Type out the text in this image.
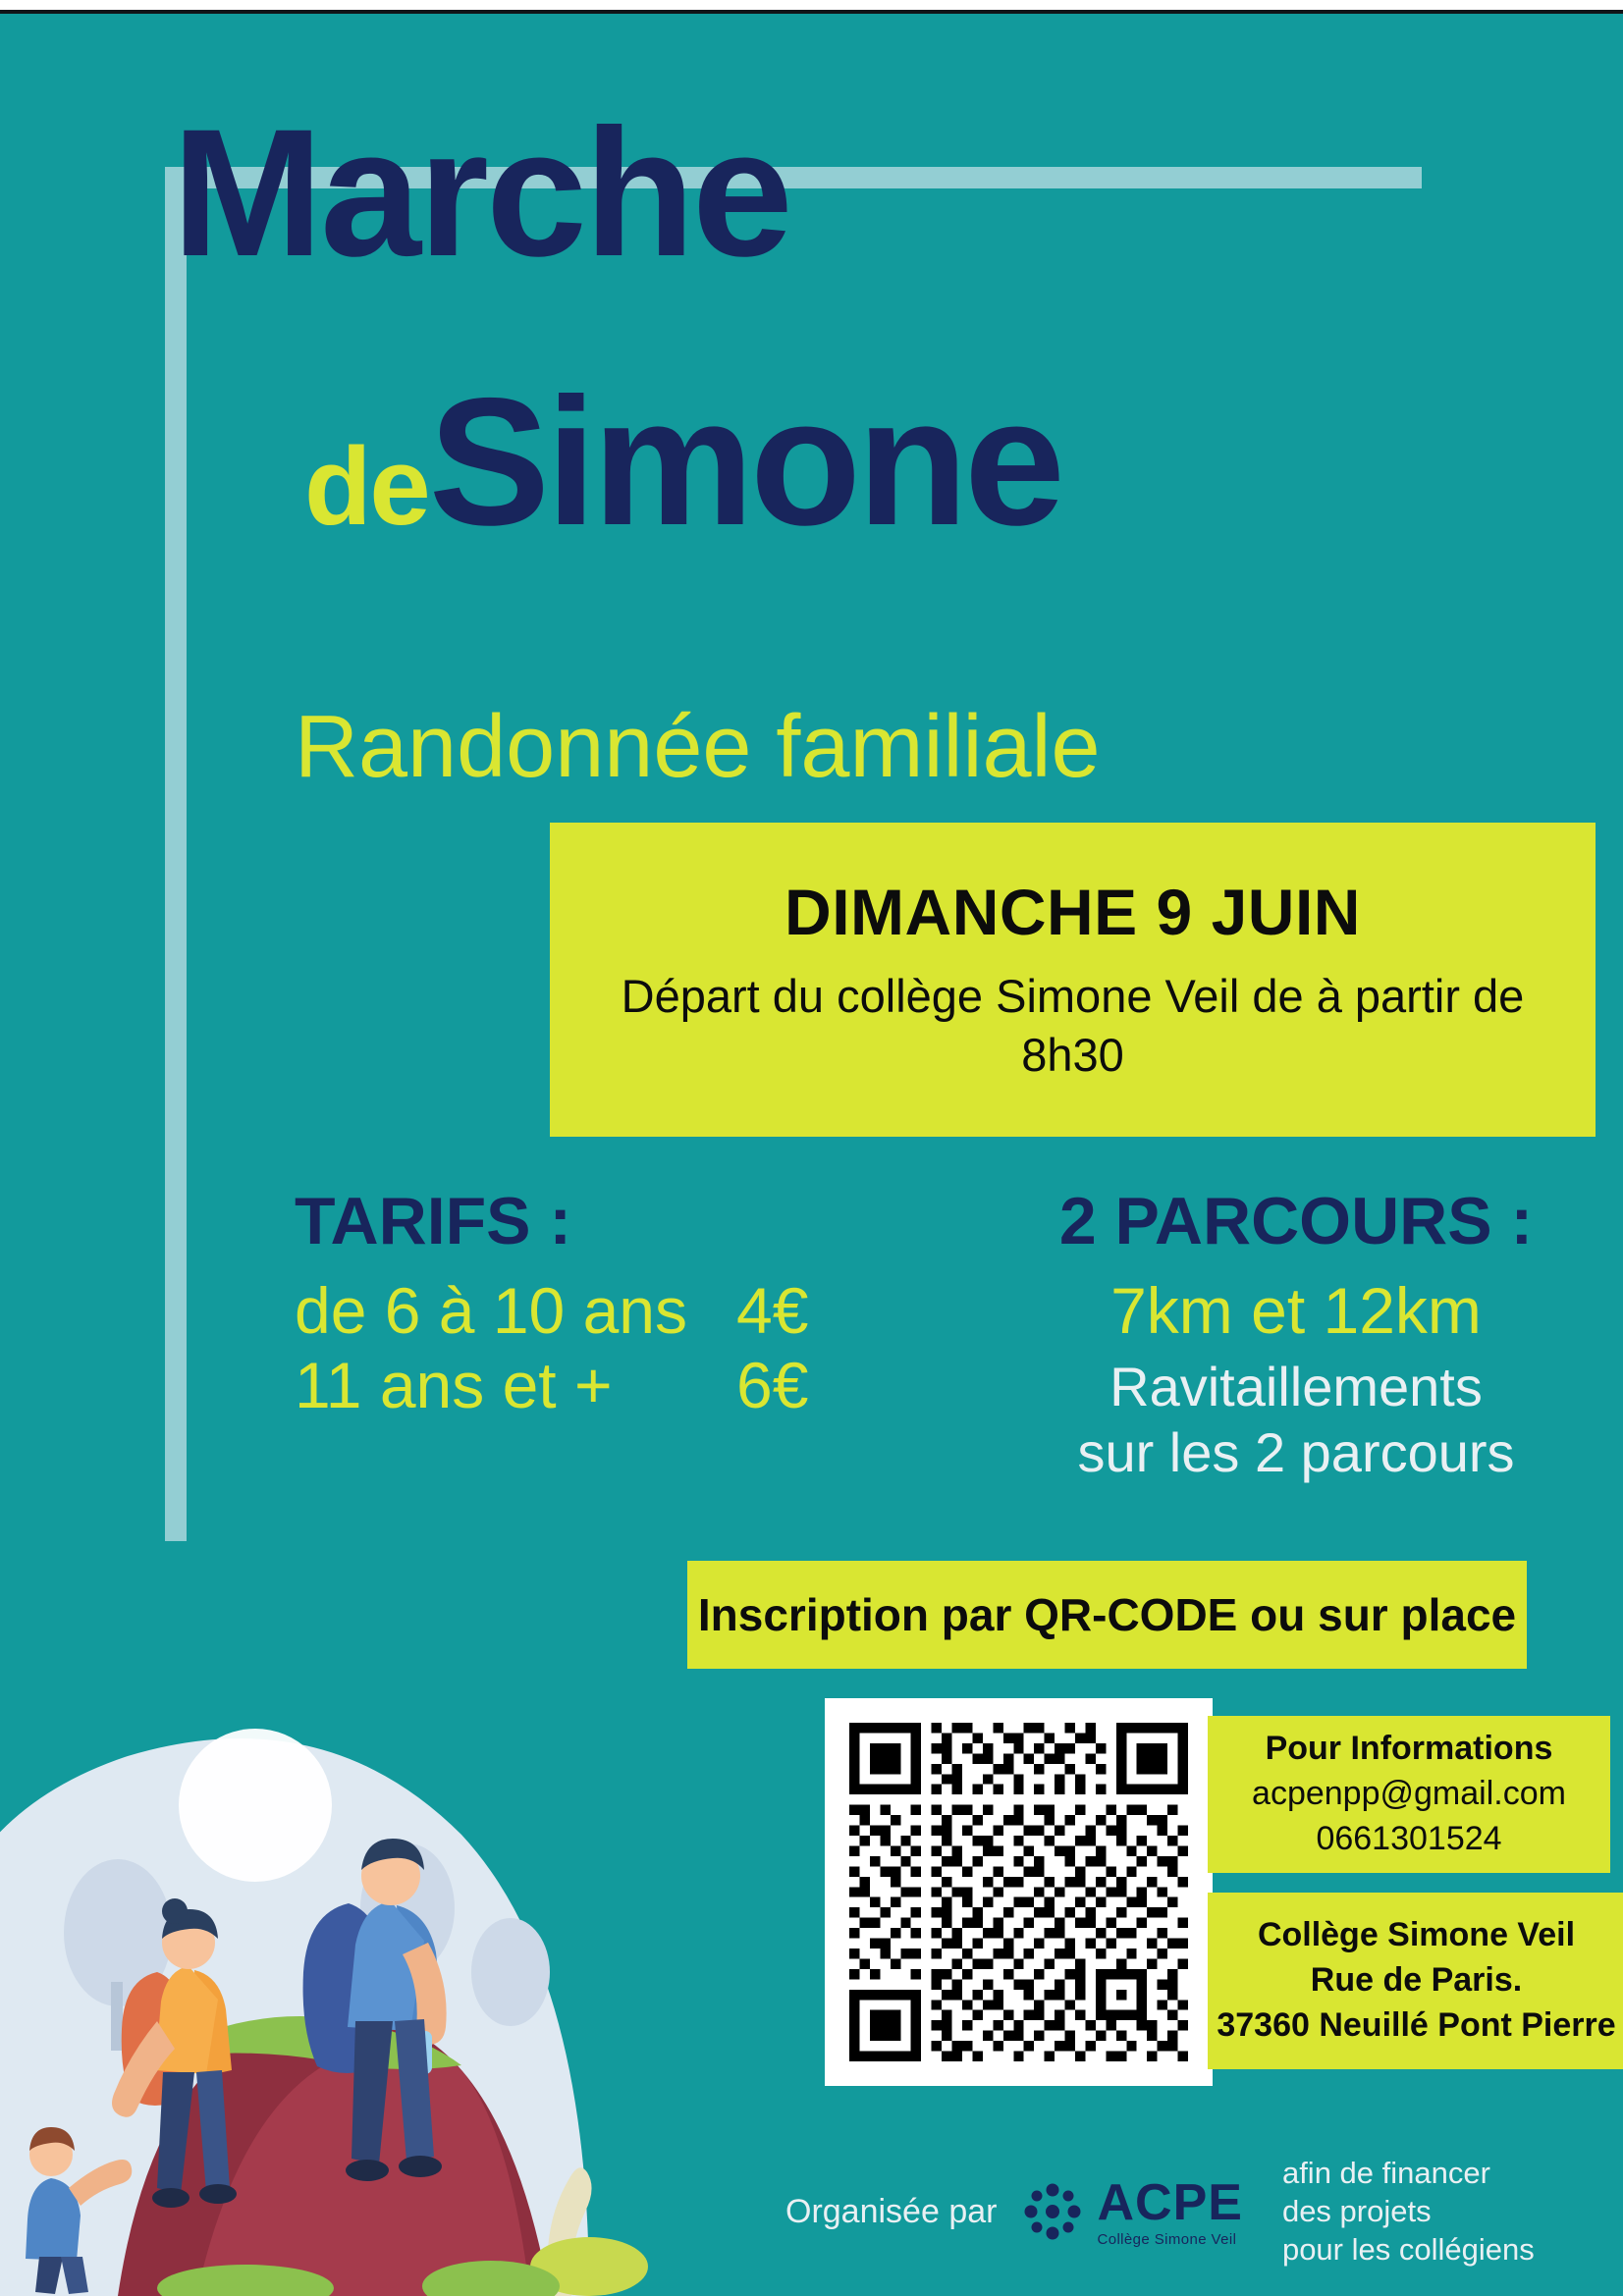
Marche
deSimone
Randonnée familiale
DIMANCHE 9 JUIN
Départ du collège Simone Veil de à partir de 8h30
TARIFS :
de 6 à 10 ans 4€
11 ans et +	6€
2 PARCOURS :
7km et 12km
Ravitaillements
sur les 2 parcours
Inscription par QR-CODE ou sur place
Pour Informations
acpenpp@gmail.com
0661301524
Collège Simone Veil
Rue de Paris.
37360 Neuillé Pont Pierre
Organisée par ACPE
Collège Simone Veil
afin de financer
des projets
pour les collégiens
